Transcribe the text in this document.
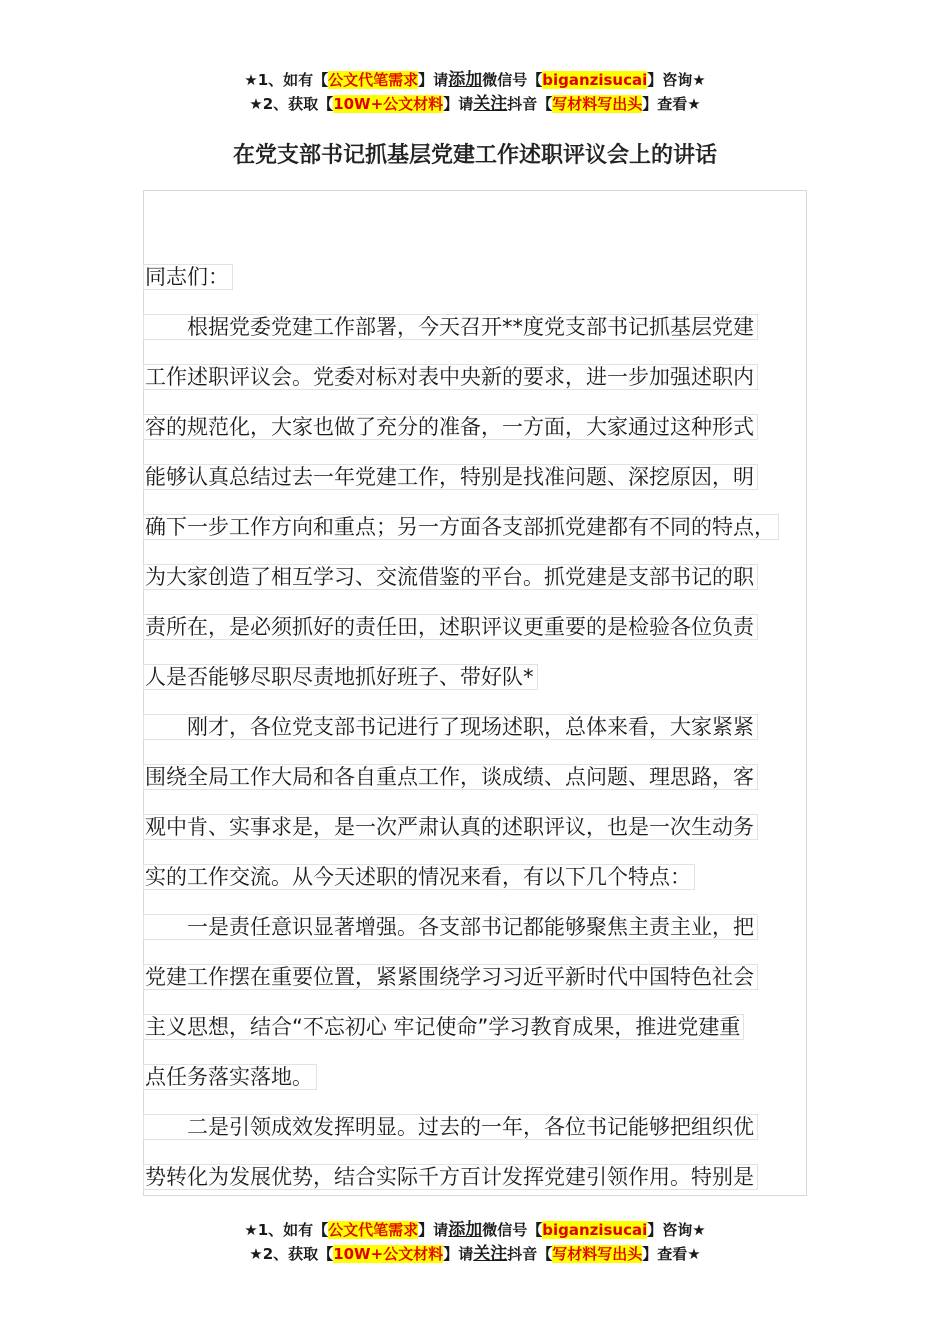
★1、如有【公文代笔需求】请添加微信号【biganzisucai】咨询★
★2、获取【10W+公文材料】请关注抖音【写材料写出头】查看★
在党支部书记抓基层党建工作述职评议会上的讲话
同志们：
根据党委党建工作部署，今天召开**度党支部书记抓基层党建
工作述职评议会。党委对标对表中央新的要求，进一步加强述职内
容的规范化，大家也做了充分的准备，一方面，大家通过这种形式
能够认真总结过去一年党建工作，特别是找准问题、深挖原因，明
确下一步工作方向和重点；另一方面各支部抓党建都有不同的特点，
为大家创造了相互学习、交流借鉴的平台。抓党建是支部书记的职
责所在，是必须抓好的责任田，述职评议更重要的是检验各位负责
人是否能够尽职尽责地抓好班子、带好队*
刚才，各位党支部书记进行了现场述职，总体来看，大家紧紧
围绕全局工作大局和各自重点工作，谈成绩、点问题、理思路，客
观中肯、实事求是，是一次严肃认真的述职评议，也是一次生动务
实的工作交流。从今天述职的情况来看，有以下几个特点：
一是责任意识显著增强。各支部书记都能够聚焦主责主业，把
党建工作摆在重要位置，紧紧围绕学习习近平新时代中国特色社会
主义思想，结合“不忘初心 牢记使命”学习教育成果，推进党建重
点任务落实落地。
二是引领成效发挥明显。过去的一年，各位书记能够把组织优
势转化为发展优势，结合实际千方百计发挥党建引领作用。特别是
★1、如有【公文代笔需求】请添加微信号【biganzisucai】咨询★
★2、获取【10W+公文材料】请关注抖音【写材料写出头】查看★
